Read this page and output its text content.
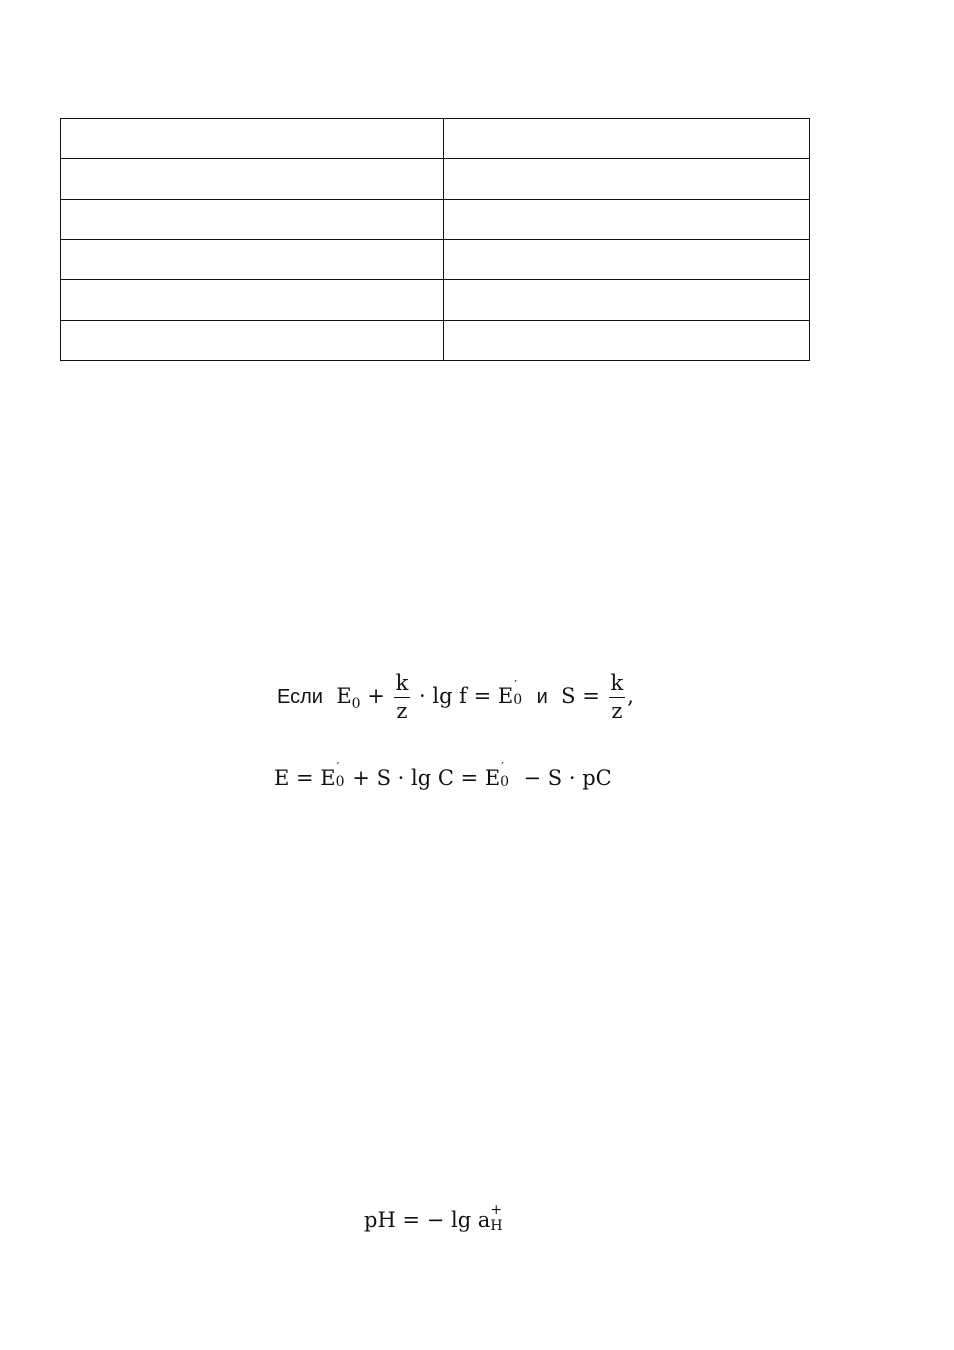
Если $E_0 + \frac{k}{z} \cdot \lg f = E$ ′
0 и $S = \frac{k}{z}$ ,
E = E ′
0 + S · lg C = E ′
0 − S · pC
pH = − lg a +
H
